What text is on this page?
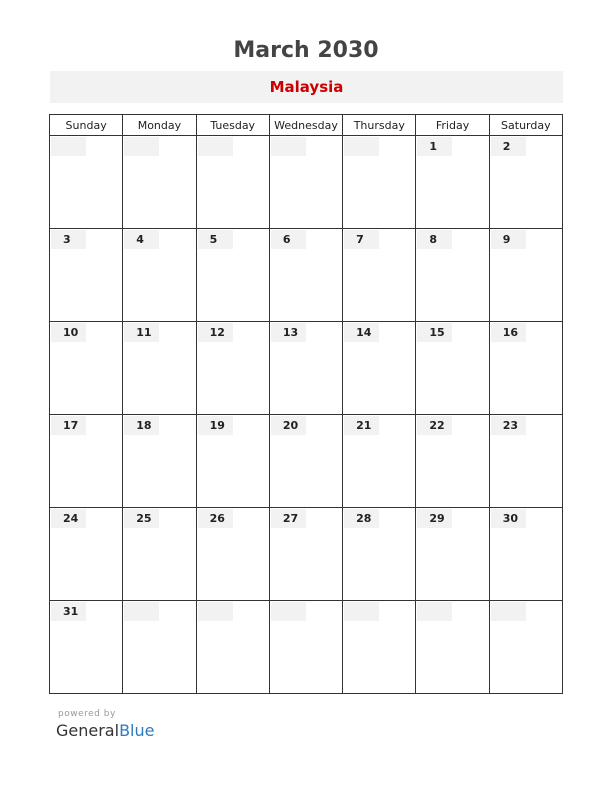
March 2030
Malaysia
Sunday	Monday	Tuesday	Wednesday	Thursday	Friday	Saturday

					1	2

3	4	5	6	7	8	9

10	11	12	13	14	15	16

17	18	19	20	21	22	23

24	25	26	27	28	29	30

31						

powered by
GeneralBlue
